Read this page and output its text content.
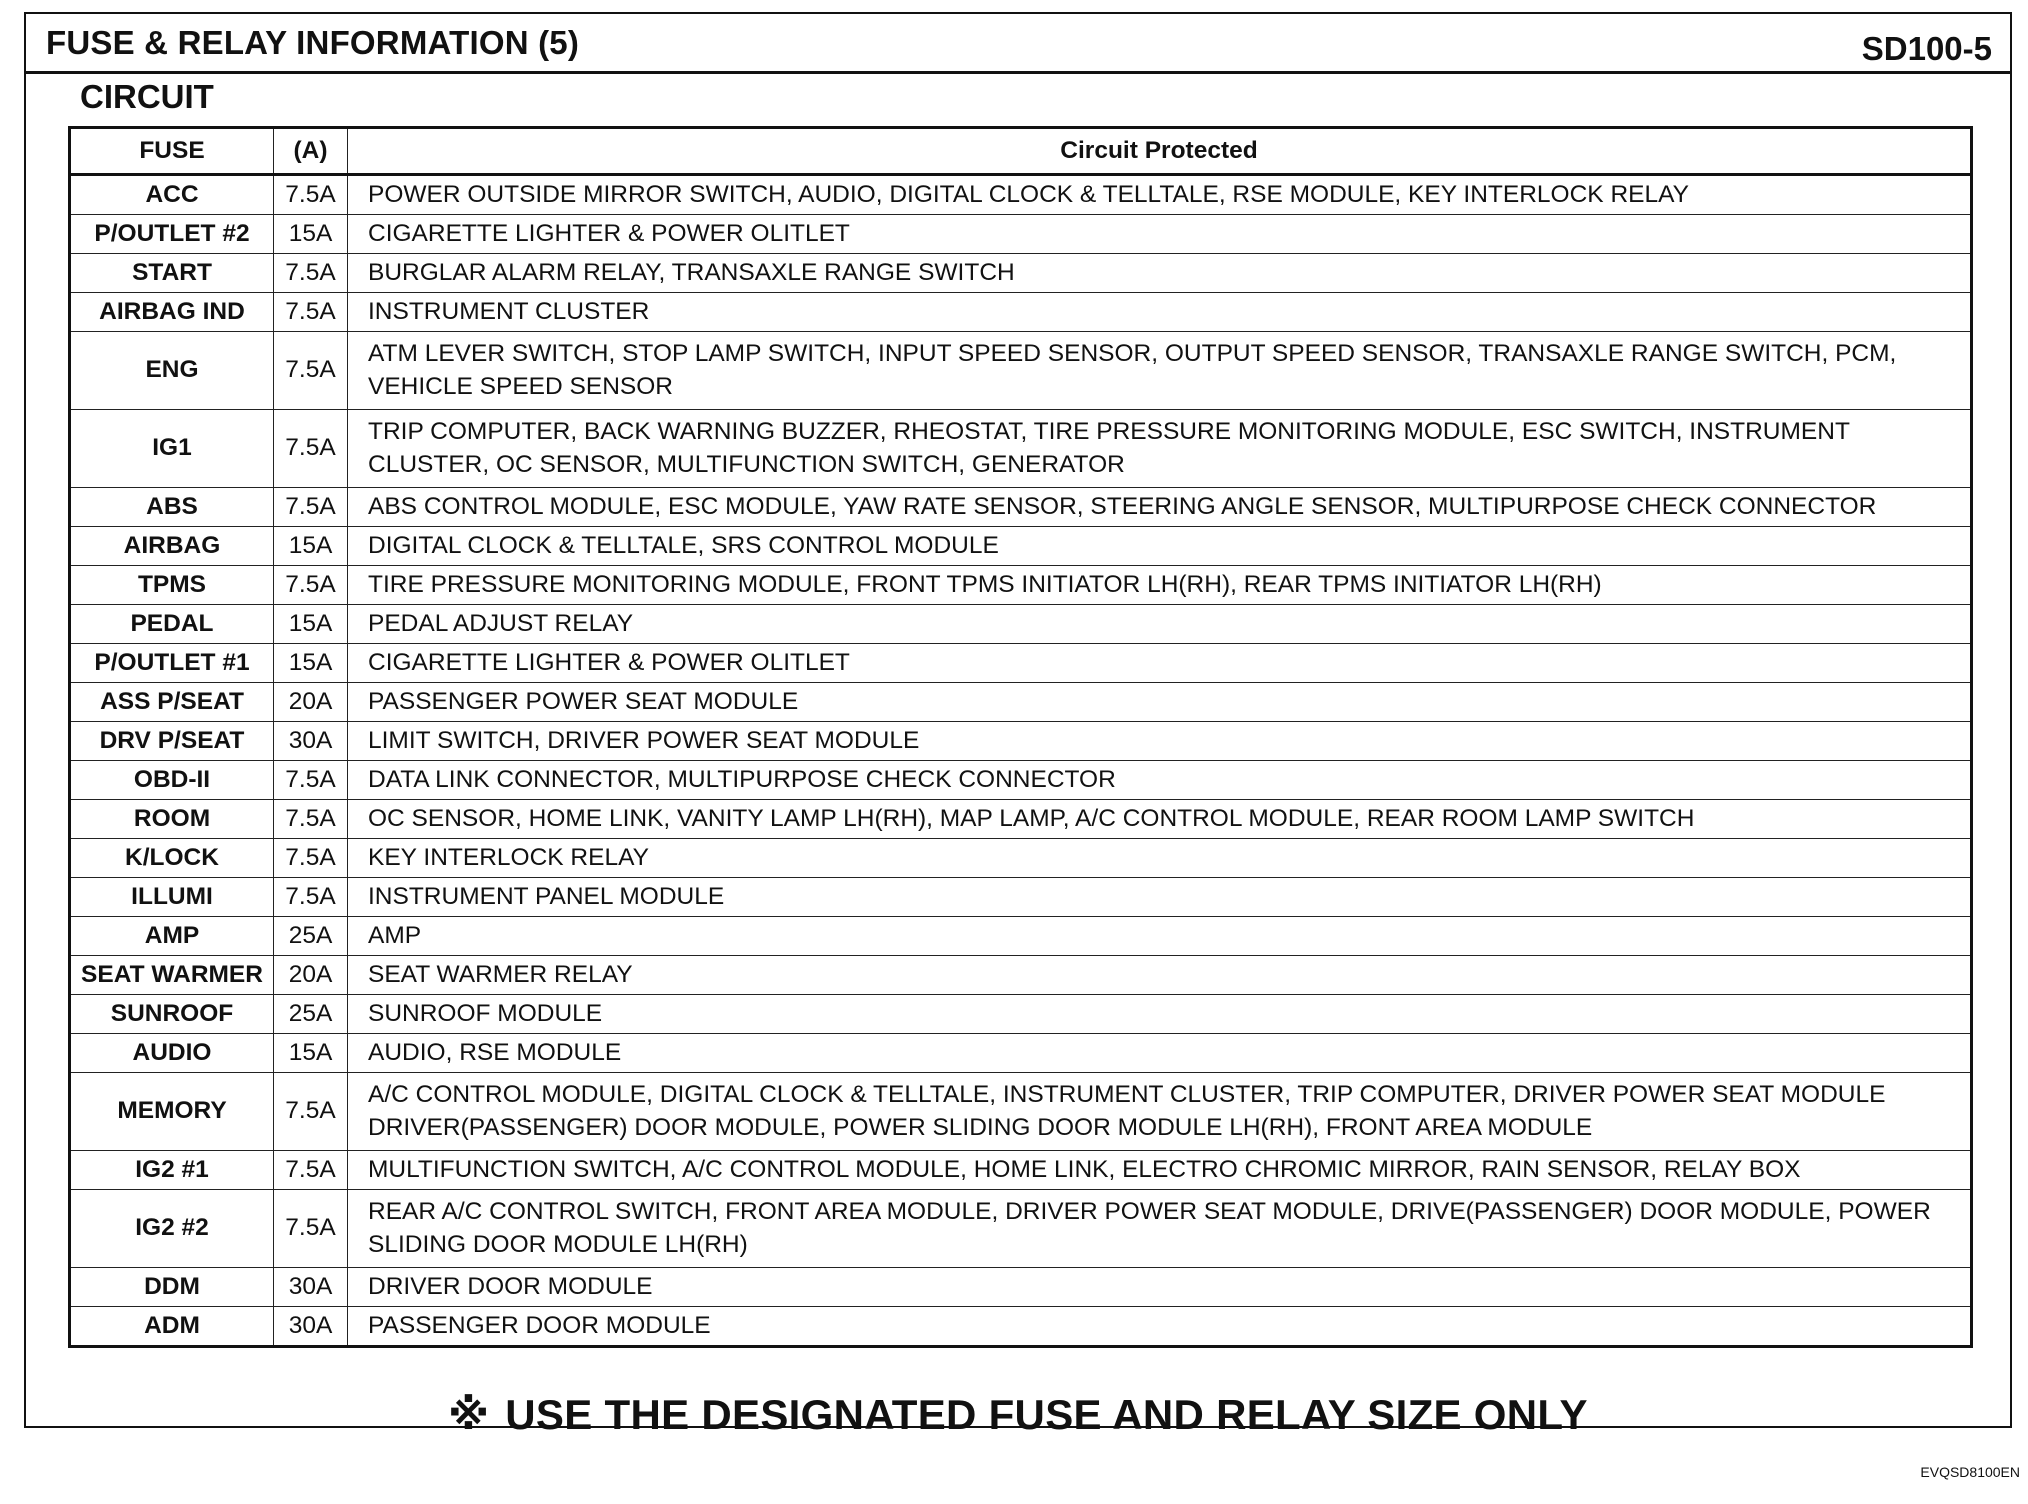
FUSE & RELAY INFORMATION (5)	SD100-5
CIRCUIT
FUSE	(A)	Circuit Protected
ACC	7.5A	POWER OUTSIDE MIRROR SWITCH, AUDIO, DIGITAL CLOCK & TELLTALE, RSE MODULE, KEY INTERLOCK RELAY
P/OUTLET #2	15A	CIGARETTE LIGHTER & POWER OLITLET
START	7.5A	BURGLAR ALARM RELAY, TRANSAXLE RANGE SWITCH
AIRBAG IND	7.5A	INSTRUMENT CLUSTER
ENG	7.5A	ATM LEVER SWITCH, STOP LAMP SWITCH, INPUT SPEED SENSOR, OUTPUT SPEED SENSOR, TRANSAXLE RANGE SWITCH, PCM, VEHICLE SPEED SENSOR
IG1	7.5A	TRIP COMPUTER, BACK WARNING BUZZER, RHEOSTAT, TIRE PRESSURE MONITORING MODULE, ESC SWITCH, INSTRUMENT CLUSTER, OC SENSOR, MULTIFUNCTION SWITCH, GENERATOR
ABS	7.5A	ABS CONTROL MODULE, ESC MODULE, YAW RATE SENSOR, STEERING ANGLE SENSOR, MULTIPURPOSE CHECK CONNECTOR
AIRBAG	15A	DIGITAL CLOCK & TELLTALE, SRS CONTROL MODULE
TPMS	7.5A	TIRE PRESSURE MONITORING MODULE, FRONT TPMS INITIATOR LH(RH), REAR TPMS INITIATOR LH(RH)
PEDAL	15A	PEDAL ADJUST RELAY
P/OUTLET #1	15A	CIGARETTE LIGHTER & POWER OLITLET
ASS P/SEAT	20A	PASSENGER POWER SEAT MODULE
DRV P/SEAT	30A	LIMIT SWITCH, DRIVER POWER SEAT MODULE
OBD-II	7.5A	DATA LINK CONNECTOR, MULTIPURPOSE CHECK CONNECTOR
ROOM	7.5A	OC SENSOR, HOME LINK, VANITY LAMP LH(RH), MAP LAMP, A/C CONTROL MODULE, REAR ROOM LAMP SWITCH
K/LOCK	7.5A	KEY INTERLOCK RELAY
ILLUMI	7.5A	INSTRUMENT PANEL MODULE
AMP	25A	AMP
SEAT WARMER	20A	SEAT WARMER RELAY
SUNROOF	25A	SUNROOF MODULE
AUDIO	15A	AUDIO, RSE MODULE
MEMORY	7.5A	A/C CONTROL MODULE, DIGITAL CLOCK & TELLTALE, INSTRUMENT CLUSTER, TRIP COMPUTER, DRIVER POWER SEAT MODULE DRIVER(PASSENGER) DOOR MODULE, POWER SLIDING DOOR MODULE LH(RH), FRONT AREA MODULE
IG2 #1	7.5A	MULTIFUNCTION SWITCH, A/C CONTROL MODULE, HOME LINK, ELECTRO CHROMIC MIRROR, RAIN SENSOR, RELAY BOX
IG2 #2	7.5A	REAR A/C CONTROL SWITCH, FRONT AREA MODULE, DRIVER POWER SEAT MODULE, DRIVE(PASSENGER) DOOR MODULE, POWER SLIDING DOOR MODULE LH(RH)
DDM	30A	DRIVER DOOR MODULE
ADM	30A	PASSENGER DOOR MODULE
※ USE THE DESIGNATED FUSE AND RELAY SIZE ONLY
EVQSD8100EN
